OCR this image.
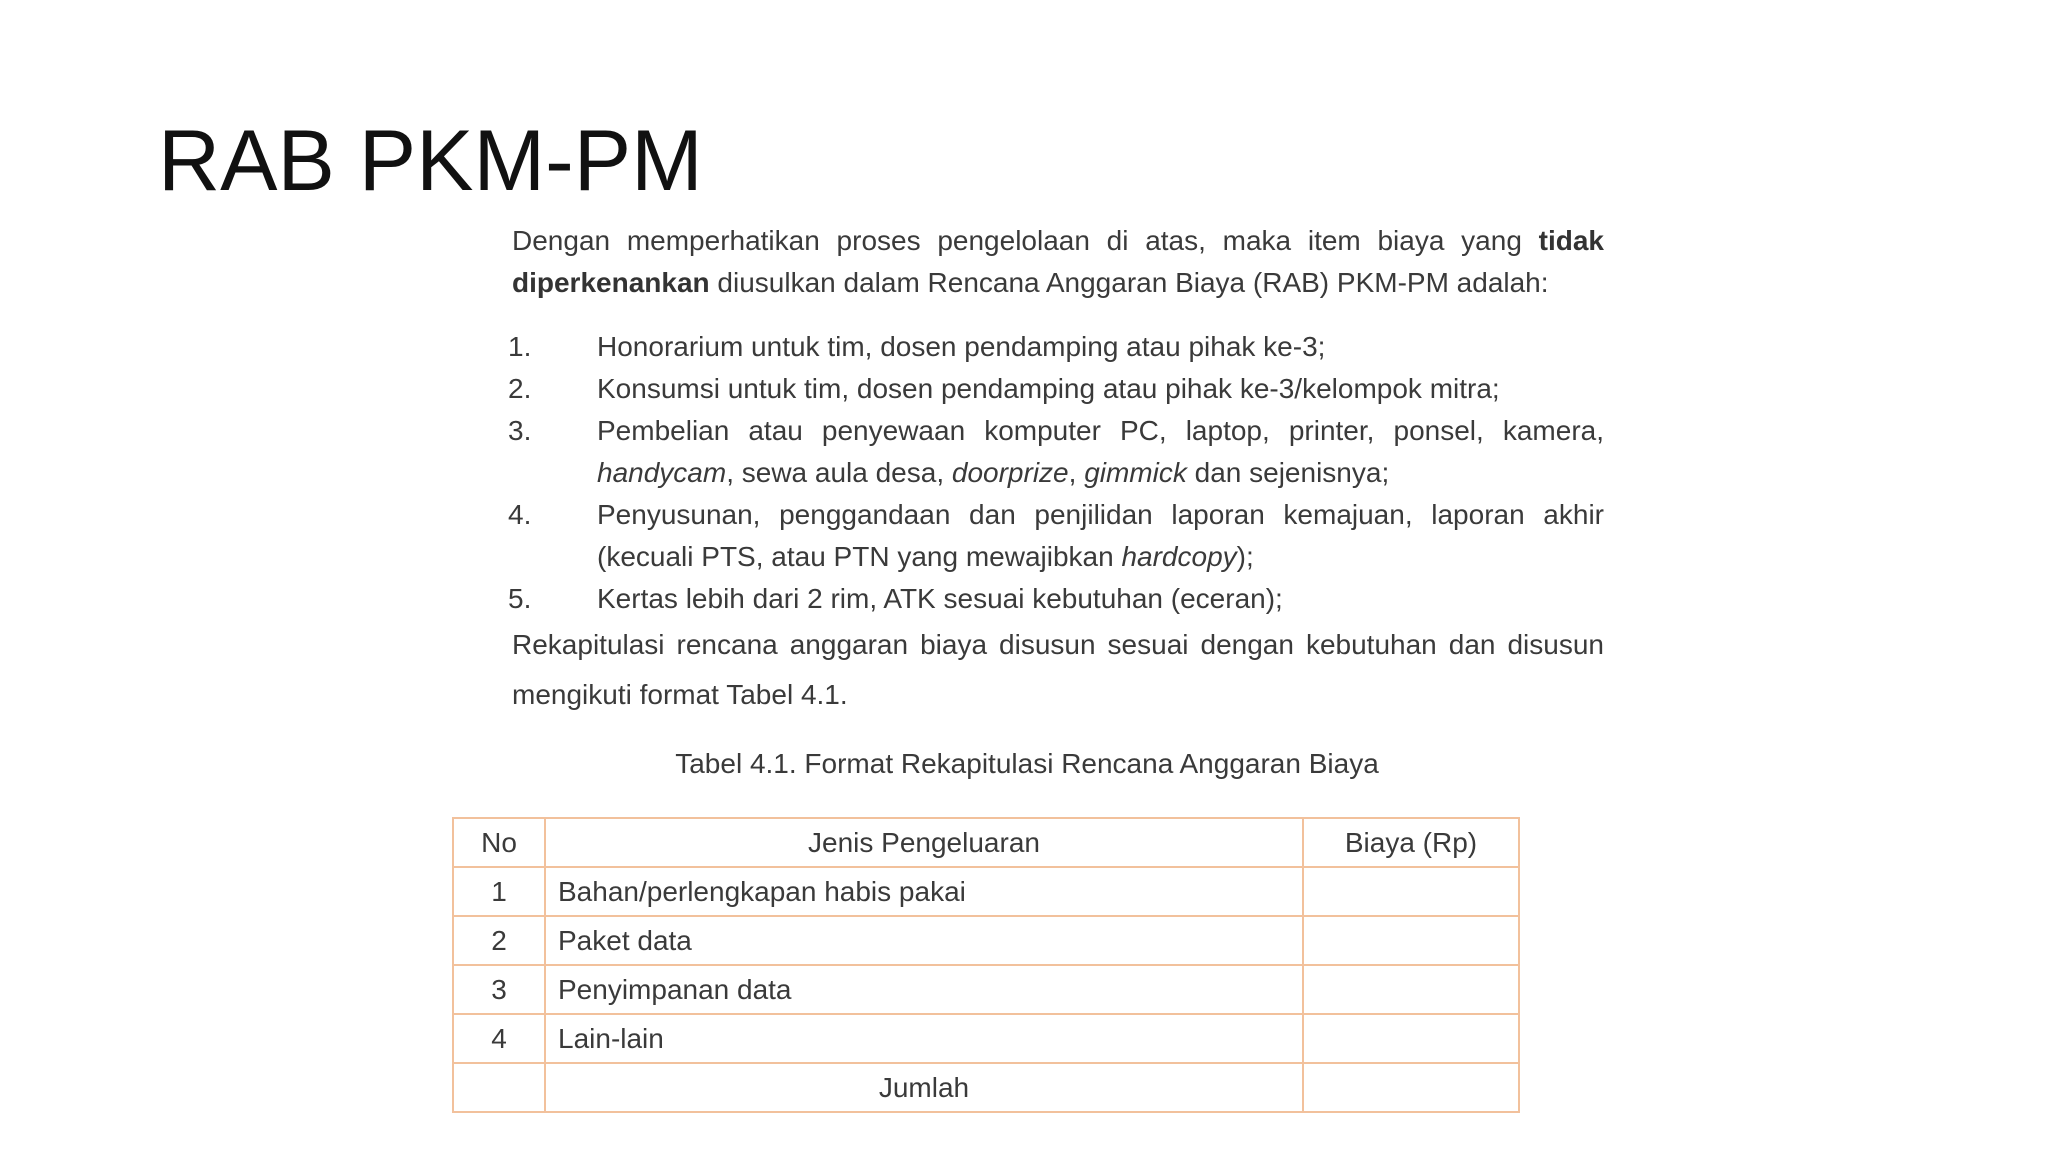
RAB PKM-PM

Dengan memperhatikan proses pengelolaan di atas, maka item biaya yang tidak diperkenankan diusulkan dalam Rencana Anggaran Biaya (RAB) PKM-PM adalah:

1. Honorarium untuk tim, dosen pendamping atau pihak ke-3;
2. Konsumsi untuk tim, dosen pendamping atau pihak ke-3/kelompok mitra;
3. Pembelian atau penyewaan komputer PC, laptop, printer, ponsel, kamera, handycam, sewa aula desa, doorprize, gimmick dan sejenisnya;
4. Penyusunan, penggandaan dan penjilidan laporan kemajuan, laporan akhir (kecuali PTS, atau PTN yang mewajibkan hardcopy);
5. Kertas lebih dari 2 rim, ATK sesuai kebutuhan (eceran);

Rekapitulasi rencana anggaran biaya disusun sesuai dengan kebutuhan dan disusun mengikuti format Tabel 4.1.

Tabel 4.1. Format Rekapitulasi Rencana Anggaran Biaya
No	Jenis Pengeluaran	Biaya (Rp)
1	Bahan/perlengkapan habis pakai	
2	Paket data	
3	Penyimpanan data	
4	Lain-lain	
	Jumlah	
